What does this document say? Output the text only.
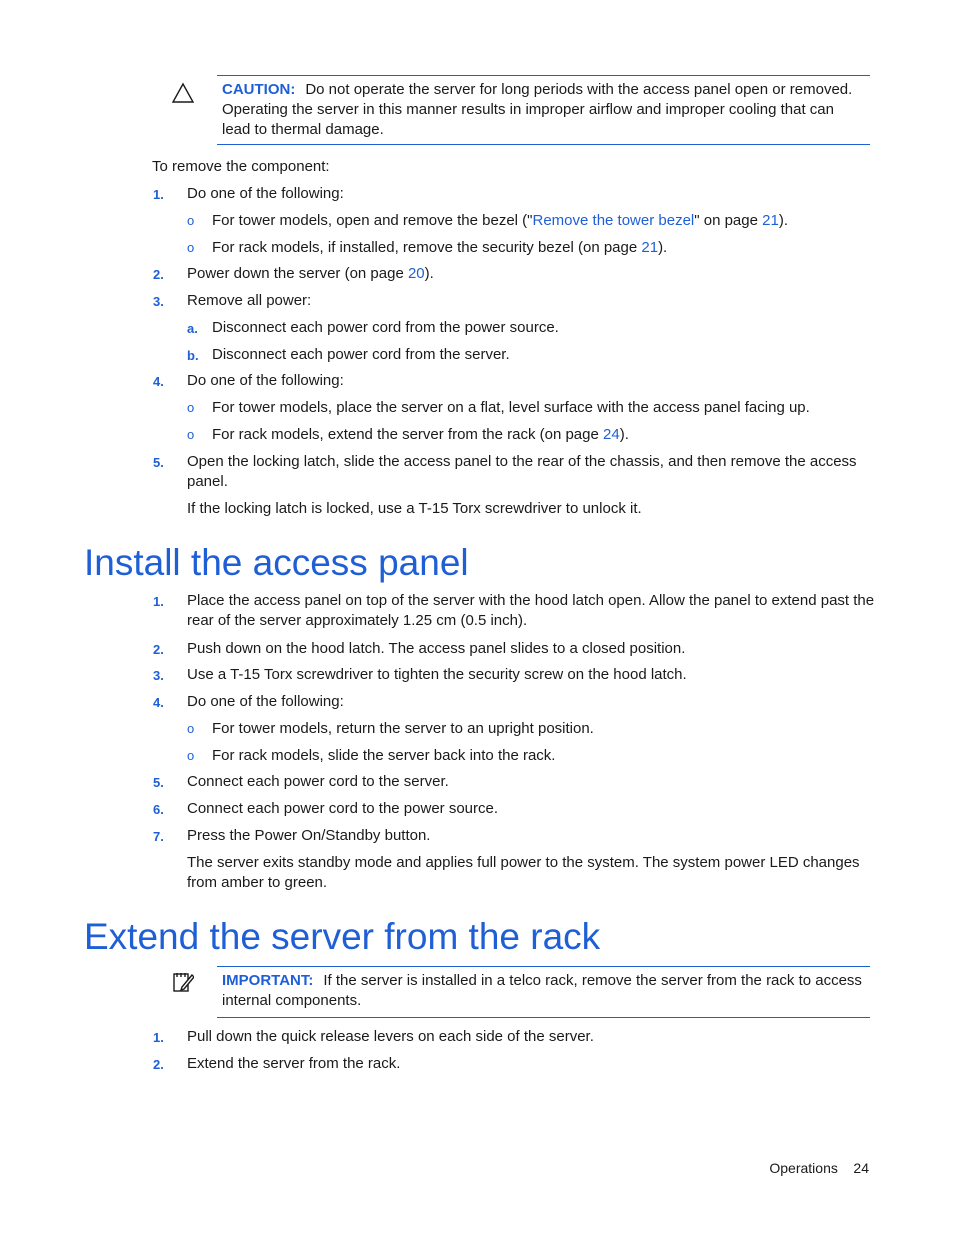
CAUTION: Do not operate the server for long periods with the access panel open or removed. Operating the server in this manner results in improper airflow and improper cooling that can lead to thermal damage.
To remove the component:
1.	Do one of the following:
o For tower models, open and remove the bezel ("Remove the tower bezel" on page 21).
o For rack models, if installed, remove the security bezel (on page 21).
2.	Power down the server (on page 20).
3.	Remove all power:
a. Disconnect each power cord from the power source.
b. Disconnect each power cord from the server.
4.	Do one of the following:
o For tower models, place the server on a flat, level surface with the access panel facing up.
o For rack models, extend the server from the rack (on page 24).
5.	Open the locking latch, slide the access panel to the rear of the chassis, and then remove the access
panel.
If the locking latch is locked, use a T-15 Torx screwdriver to unlock it.
Install the access panel
1.	Place the access panel on top of the server with the hood latch open. Allow the panel to extend past the
rear of the server approximately 1.25 cm (0.5 inch).
2.	Push down on the hood latch. The access panel slides to a closed position.
3.	Use a T-15 Torx screwdriver to tighten the security screw on the hood latch.
4.	Do one of the following:
o For tower models, return the server to an upright position.
o For rack models, slide the server back into the rack.
5.	Connect each power cord to the server.
6.	Connect each power cord to the power source.
7.	Press the Power On/Standby button.
The server exits standby mode and applies full power to the system. The system power LED changes
from amber to green.
Extend the server from the rack
IMPORTANT: If the server is installed in a telco rack, remove the server from the rack to access internal components.
1.	Pull down the quick release levers on each side of the server.
2.	Extend the server from the rack.
Operations 24
